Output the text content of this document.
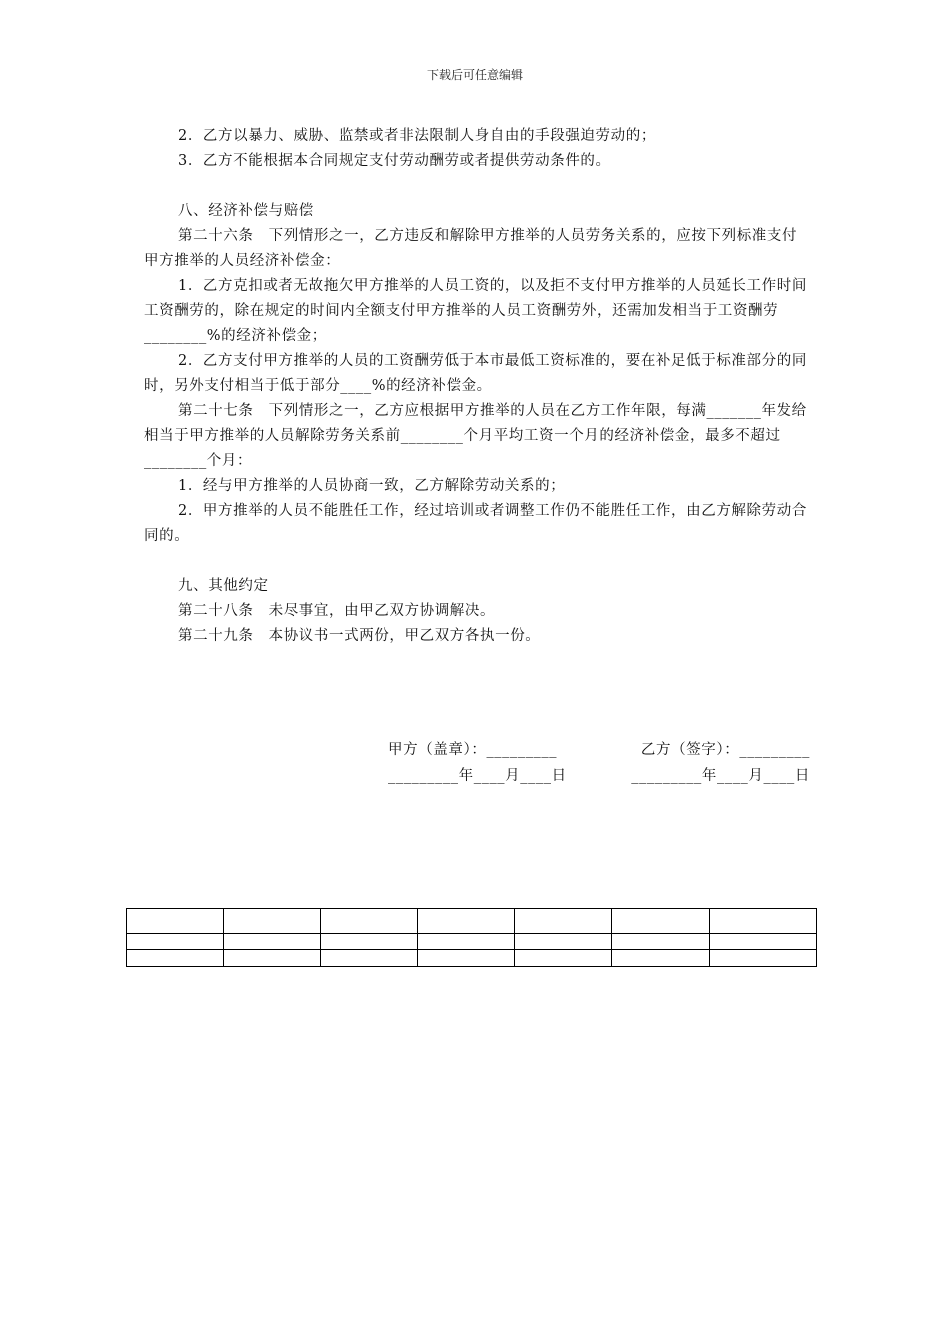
下载后可任意编辑

2．乙方以暴力、威胁、监禁或者非法限制人身自由的手段强迫劳动的；

3．乙方不能根据本合同规定支付劳动酬劳或者提供劳动条件的。

八、经济补偿与赔偿

第二十六条　下列情形之一，乙方违反和解除甲方推举的人员劳务关系的，应按下列标准支付甲方推举的人员经济补偿金：

1．乙方克扣或者无故拖欠甲方推举的人员工资的，以及拒不支付甲方推举的人员延长工作时间工资酬劳的，除在规定的时间内全额支付甲方推举的人员工资酬劳外，还需加发相当于工资酬劳________%的经济补偿金；

2．乙方支付甲方推举的人员的工资酬劳低于本市最低工资标准的，要在补足低于标准部分的同时，另外支付相当于低于部分____%的经济补偿金。

第二十七条　下列情形之一，乙方应根据甲方推举的人员在乙方工作年限，每满_______年发给相当于甲方推举的人员解除劳务关系前________个月平均工资一个月的经济补偿金，最多不超过________个月：

1．经与甲方推举的人员协商一致，乙方解除劳动关系的；

2．甲方推举的人员不能胜任工作，经过培训或者调整工作仍不能胜任工作，由乙方解除劳动合同的。

九、其他约定

第二十八条　未尽事宜，由甲乙双方协调解决。

第二十九条　本协议书一式两份，甲乙双方各执一份。

甲方（盖章）：_________	乙方（签字）：_________
_________年____月____日	_________年____月____日
